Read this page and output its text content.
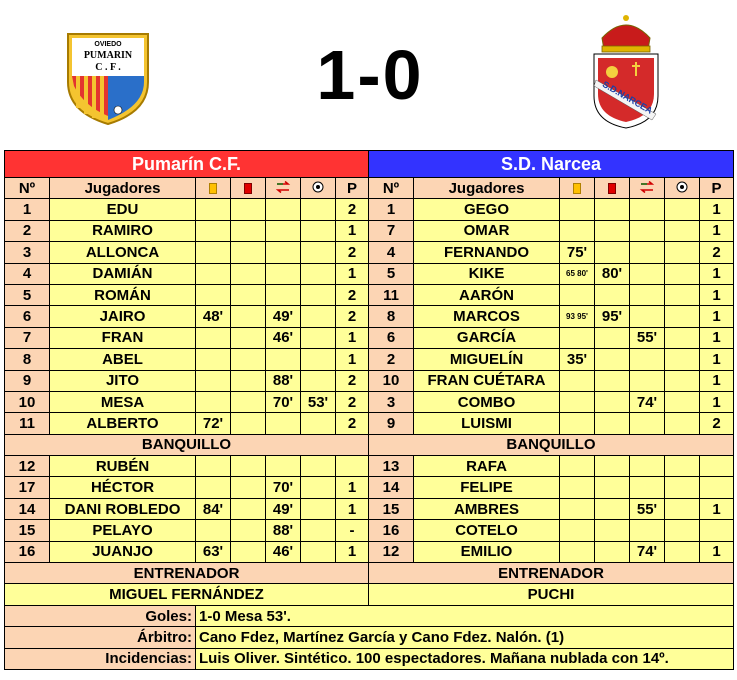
OVIEDO
PUMARIN
C . F .	1-0	S.D.NARCEA
Pumarín C.F.							S.D. Narcea						
Nº	Jugadores					P	Nº	Jugadores					P
1	EDU					2	1	GEGO					1
2	RAMIRO					1	7	OMAR					1
3	ALLONCA					2	4	FERNANDO	75'				2
4	DAMIÁN					1	5	KIKE	65 80'	80'			1
5	ROMÁN					2	11	AARÓN					1
6	JAIRO	48'		49'		2	8	MARCOS	93 95'	95'			1
7	FRAN			46'		1	6	GARCÍA			55'		1
8	ABEL					1	2	MIGUELÍN	35'				1
9	JITO			88'		2	10	FRAN CUÉTARA					1
10	MESA			70'	53'	2	3	COMBO			74'		1
11	ALBERTO	72'				2	9	LUISMI					2
BANQUILLO							BANQUILLO						
12	RUBÉN						13	RAFA					
17	HÉCTOR			70'		1	14	FELIPE					
14	DANI ROBLEDO	84'		49'		1	15	AMBRES			55'		1
15	PELAYO			88'		-	16	COTELO					
16	JUANJO	63'		46'		1	12	EMILIO			74'		1
ENTRENADOR							ENTRENADOR						
MIGUEL FERNÁNDEZ							PUCHI						
Goles:		1-0 Mesa 53'.											
Árbitro:		Cano Fdez, Martínez García y Cano Fdez. Nalón. (1)											
Incidencias:		Luis Oliver. Sintético. 100 espectadores. Mañana nublada con 14º.											
